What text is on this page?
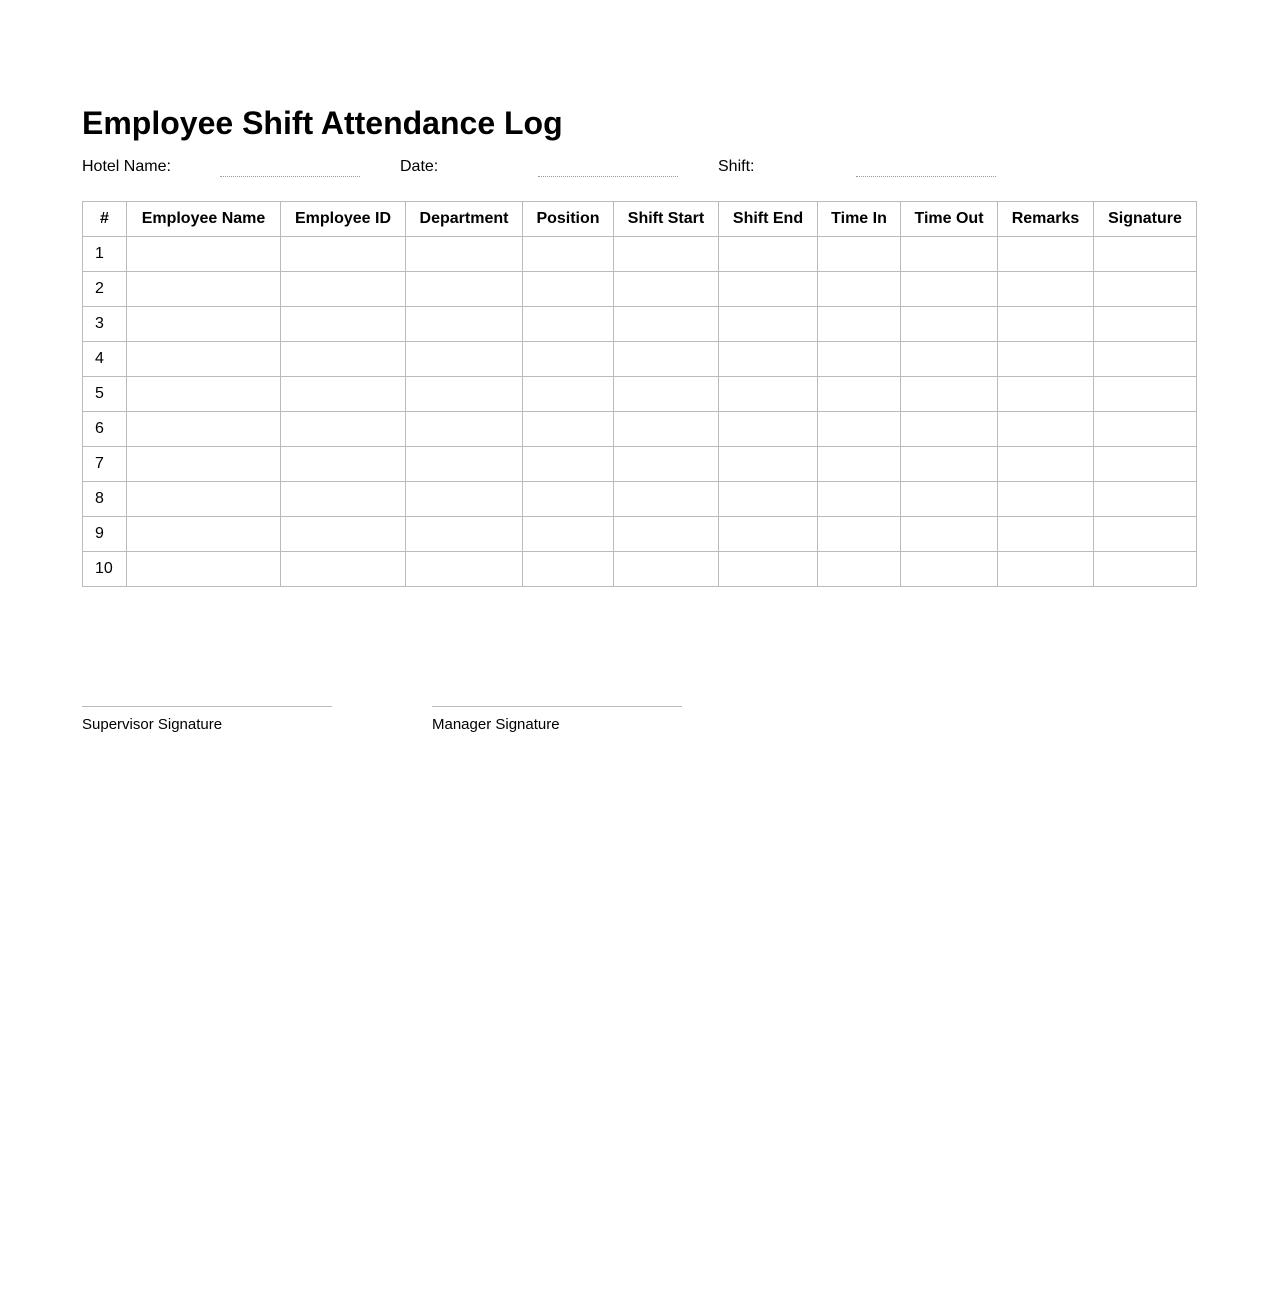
Employee Shift Attendance Log
Hotel Name:	Date:	Shift:
#	Employee Name	Employee ID	Department	Position	Shift Start	Shift End	Time In	Time Out	Remarks	Signature
1										
2										
3										
4										
5										
6										
7										
8										
9										
10										
Supervisor Signature	Manager Signature
